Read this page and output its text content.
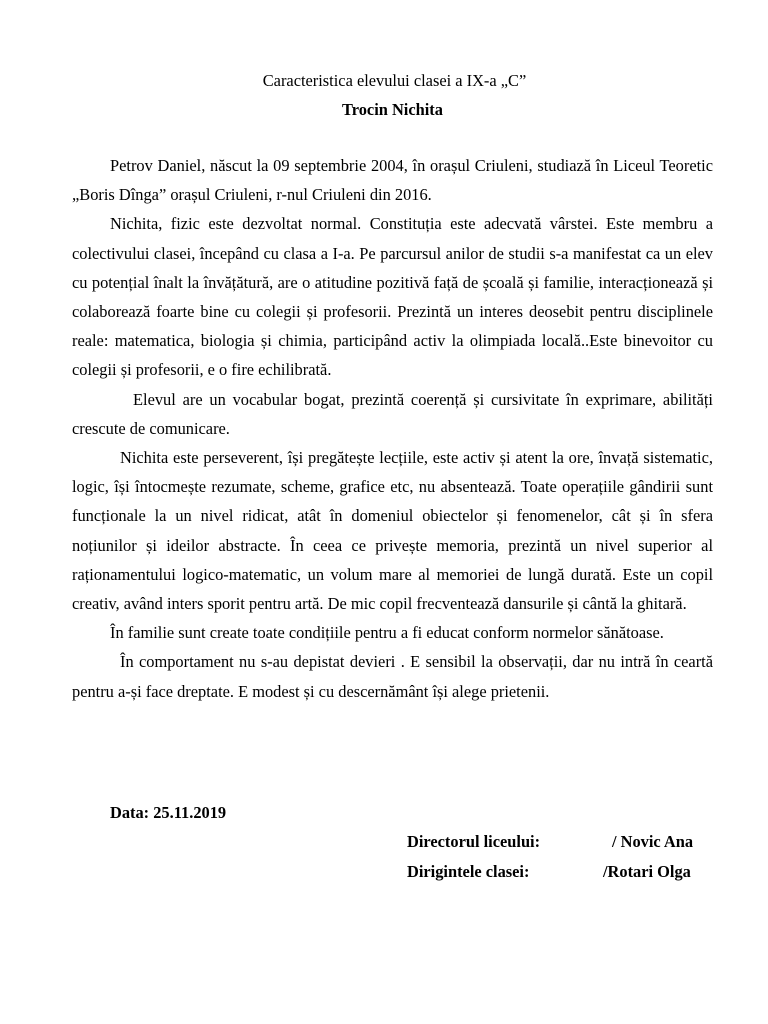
Caracteristica elevului clasei a IX-a „C”
Trocin Nichita

Petrov Daniel, născut la 09 septembrie 2004, în orașul Criuleni, studiază în Liceul Teoretic „Boris Dînga” orașul Criuleni, r-nul Criuleni din 2016.

Nichita, fizic este dezvoltat normal. Constituția este adecvată vârstei. Este membru a colectivului clasei, începând cu clasa a I-a. Pe parcursul anilor de studii s-a manifestat ca un elev cu potențial înalt la învățătură, are o atitudine pozitivă față de școală și familie, interacționează și colaborează foarte bine cu colegii și profesorii. Prezintă un interes deosebit pentru disciplinele reale: matematica, biologia și chimia, participând activ la olimpiada locală..Este binevoitor cu colegii și profesorii, e o fire echilibrată.

Elevul are un vocabular bogat, prezintă coerență și cursivitate în exprimare, abilități crescute de comunicare.

Nichita este perseverent, își pregătește lecțiile, este activ și atent la ore, învață sistematic, logic, își întocmește rezumate, scheme, grafice etc, nu absentează. Toate operațiile gândirii sunt funcționale la un nivel ridicat, atât în domeniul obiectelor și fenomenelor, cât și în sfera noțiunilor și ideilor abstracte. În ceea ce privește memoria, prezintă un nivel superior al raționamentului logico-matematic, un volum mare al memoriei de lungă durată. Este un copil creativ, având inters sporit pentru artă. De mic copil frecventează dansurile și cântă la ghitară.

În familie sunt create toate condițiile pentru a fi educat conform normelor sănătoase.

În comportament nu s-au depistat devieri . E sensibil la observații, dar nu intră în ceartă pentru a-și face dreptate. E modest și cu descernământ își alege prietenii.

Data: 25.11.2019
Directorul liceului:	/ Novic Ana
Dirigintele clasei:	/Rotari Olga
